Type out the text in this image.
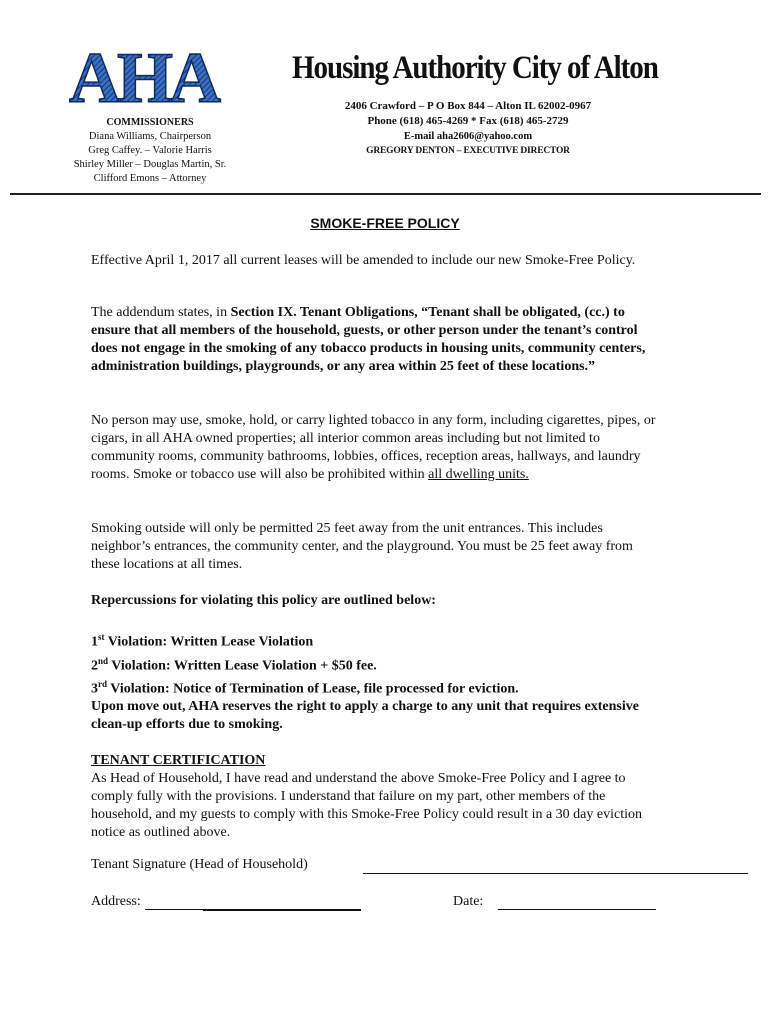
AHA Housing Authority City of Alton
2406 Crawford – P O Box 844 – Alton IL 62002-0967
Phone (618) 465-4269 * Fax (618) 465-2729
E-mail aha2606@yahoo.com
GREGORY DENTON – EXECUTIVE DIRECTOR
COMMISSIONERS
Diana Williams, Chairperson
Greg Caffey. – Valorie Harris
Shirley Miller – Douglas Martin, Sr.
Clifford Emons – Attorney
SMOKE-FREE POLICY

Effective April 1, 2017 all current leases will be amended to include our new Smoke-Free Policy.

The addendum states, in Section IX. Tenant Obligations, “Tenant shall be obligated, (cc.) to ensure that all members of the household, guests, or other person under the tenant’s control does not engage in the smoking of any tobacco products in housing units, community centers, administration buildings, playgrounds, or any area within 25 feet of these locations.”

No person may use, smoke, hold, or carry lighted tobacco in any form, including cigarettes, pipes, or cigars, in all AHA owned properties; all interior common areas including but not limited to community rooms, community bathrooms, lobbies, offices, reception areas, hallways, and laundry rooms. Smoke or tobacco use will also be prohibited within all dwelling units.

Smoking outside will only be permitted 25 feet away from the unit entrances. This includes neighbor’s entrances, the community center, and the playground. You must be 25 feet away from these locations at all times.

Repercussions for violating this policy are outlined below:

1st Violation: Written Lease Violation
2nd Violation: Written Lease Violation + $50 fee.
3rd Violation: Notice of Termination of Lease, file processed for eviction.

Upon move out, AHA reserves the right to apply a charge to any unit that requires extensive clean-up efforts due to smoking.

TENANT CERTIFICATION
As Head of Household, I have read and understand the above Smoke-Free Policy and I agree to comply fully with the provisions. I understand that failure on my part, other members of the household, and my guests to comply with this Smoke-Free Policy could result in a 30 day eviction notice as outlined above.
Tenant Signature (Head of Household)
Address:	Date:
